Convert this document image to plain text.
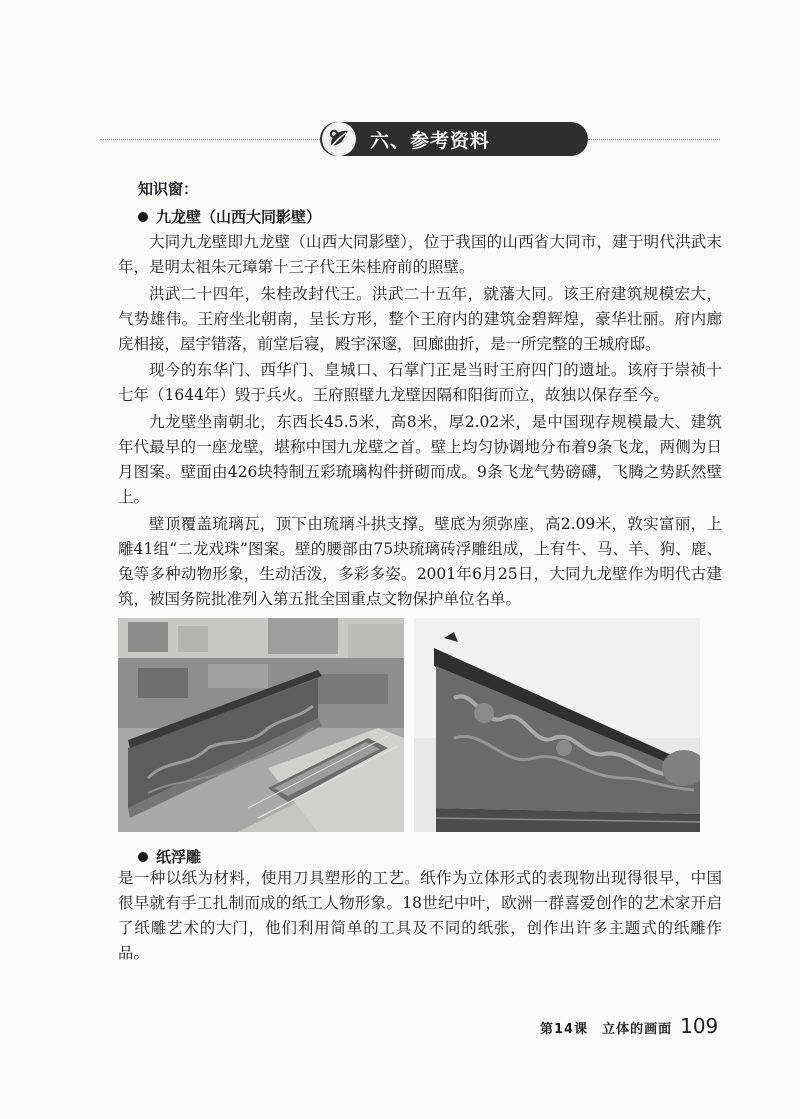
六、参考资料
知识窗：
九龙壁（山西大同影壁）

大同九龙壁即九龙壁（山西大同影壁），位于我国的山西省大同市，建于明代洪武末年，是明太祖朱元璋第十三子代王朱桂府前的照壁。

洪武二十四年，朱桂改封代王。洪武二十五年，就藩大同。该王府建筑规模宏大，气势雄伟。王府坐北朝南，呈长方形，整个王府内的建筑金碧辉煌，豪华壮丽。府内廊庑相接，屋宇错落，前堂后寝，殿宇深邃，回廊曲折，是一所完整的王城府邸。

现今的东华门、西华门、皇城口、石掌门正是当时王府四门的遗址。该府于崇祯十七年（1644年）毁于兵火。王府照壁九龙壁因隔和阳街而立，故独以保存至今。

九龙壁坐南朝北，东西长45.5米，高8米，厚2.02米，是中国现存规模最大、建筑年代最早的一座龙壁，堪称中国九龙壁之首。壁上均匀协调地分布着9条飞龙，两侧为日月图案。壁面由426块特制五彩琉璃构件拼砌而成。9条飞龙气势磅礴，飞腾之势跃然壁上。

壁顶覆盖琉璃瓦，顶下由琉璃斗拱支撑。壁底为须弥座，高2.09米，敦实富丽，上雕41组“二龙戏珠”图案。壁的腰部由75块琉璃砖浮雕组成，上有牛、马、羊、狗、鹿、兔等多种动物形象，生动活泼，多彩多姿。2001年6月25日，大同九龙壁作为明代古建筑，被国务院批准列入第五批全国重点文物保护单位名单。

纸浮雕

是一种以纸为材料，使用刀具塑形的工艺。纸作为立体形式的表现物出现得很早，中国很早就有手工扎制而成的纸工人物形象。18世纪中叶，欧洲一群喜爱创作的艺术家开启了纸雕艺术的大门，他们利用简单的工具及不同的纸张，创作出许多主题式的纸雕作品。

第14课　立体的画面 109
